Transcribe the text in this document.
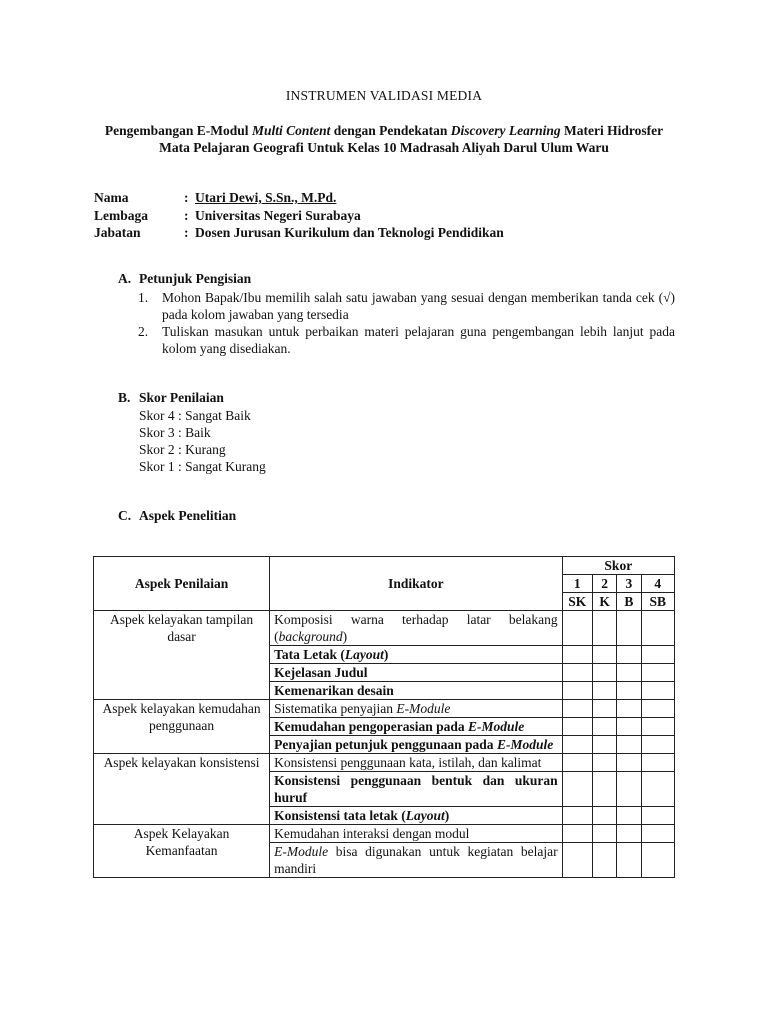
INSTRUMEN VALIDASI MEDIA
Pengembangan E-Modul Multi Content dengan Pendekatan Discovery Learning Materi Hidrosfer Mata Pelajaran Geografi Untuk Kelas 10 Madrasah Aliyah Darul Ulum Waru
Nama	: Utari Dewi, S.Sn., M.Pd.
Lembaga	: Universitas Negeri Surabaya
Jabatan	: Dosen Jurusan Kurikulum dan Teknologi Pendidikan
A. Petunjuk Pengisian
1.	Mohon Bapak/Ibu memilih salah satu jawaban yang sesuai dengan memberikan tanda cek (√) pada kolom jawaban yang tersedia
2.	Tuliskan masukan untuk perbaikan materi pelajaran guna pengembangan lebih lanjut pada kolom yang disediakan.
B. Skor Penilaian
Skor 4 : Sangat Baik
Skor 3 : Baik
Skor 2 : Kurang
Skor 1 : Sangat Kurang
C. Aspek Penelitian
Aspek Penilaian	Indikator	Skor			
		1	2	3	4
		SK	K	B	SB
Aspek kelayakan tampilan dasar	Komposisi warna terhadap latar belakang (background)				
	Tata Letak (Layout)				
	Kejelasan Judul				
	Kemenarikan desain				
Aspek kelayakan kemudahan penggunaan	Sistematika penyajian E-Module				
	Kemudahan pengoperasian pada E-Module				
	Penyajian petunjuk penggunaan pada E-Module				
Aspek kelayakan konsistensi	Konsistensi penggunaan kata, istilah, dan kalimat				
	Konsistensi penggunaan bentuk dan ukuran huruf				
	Konsistensi tata letak (Layout)				
Aspek Kelayakan Kemanfaatan	Kemudahan interaksi dengan modul				
	E-Module bisa digunakan untuk kegiatan belajar mandiri				
